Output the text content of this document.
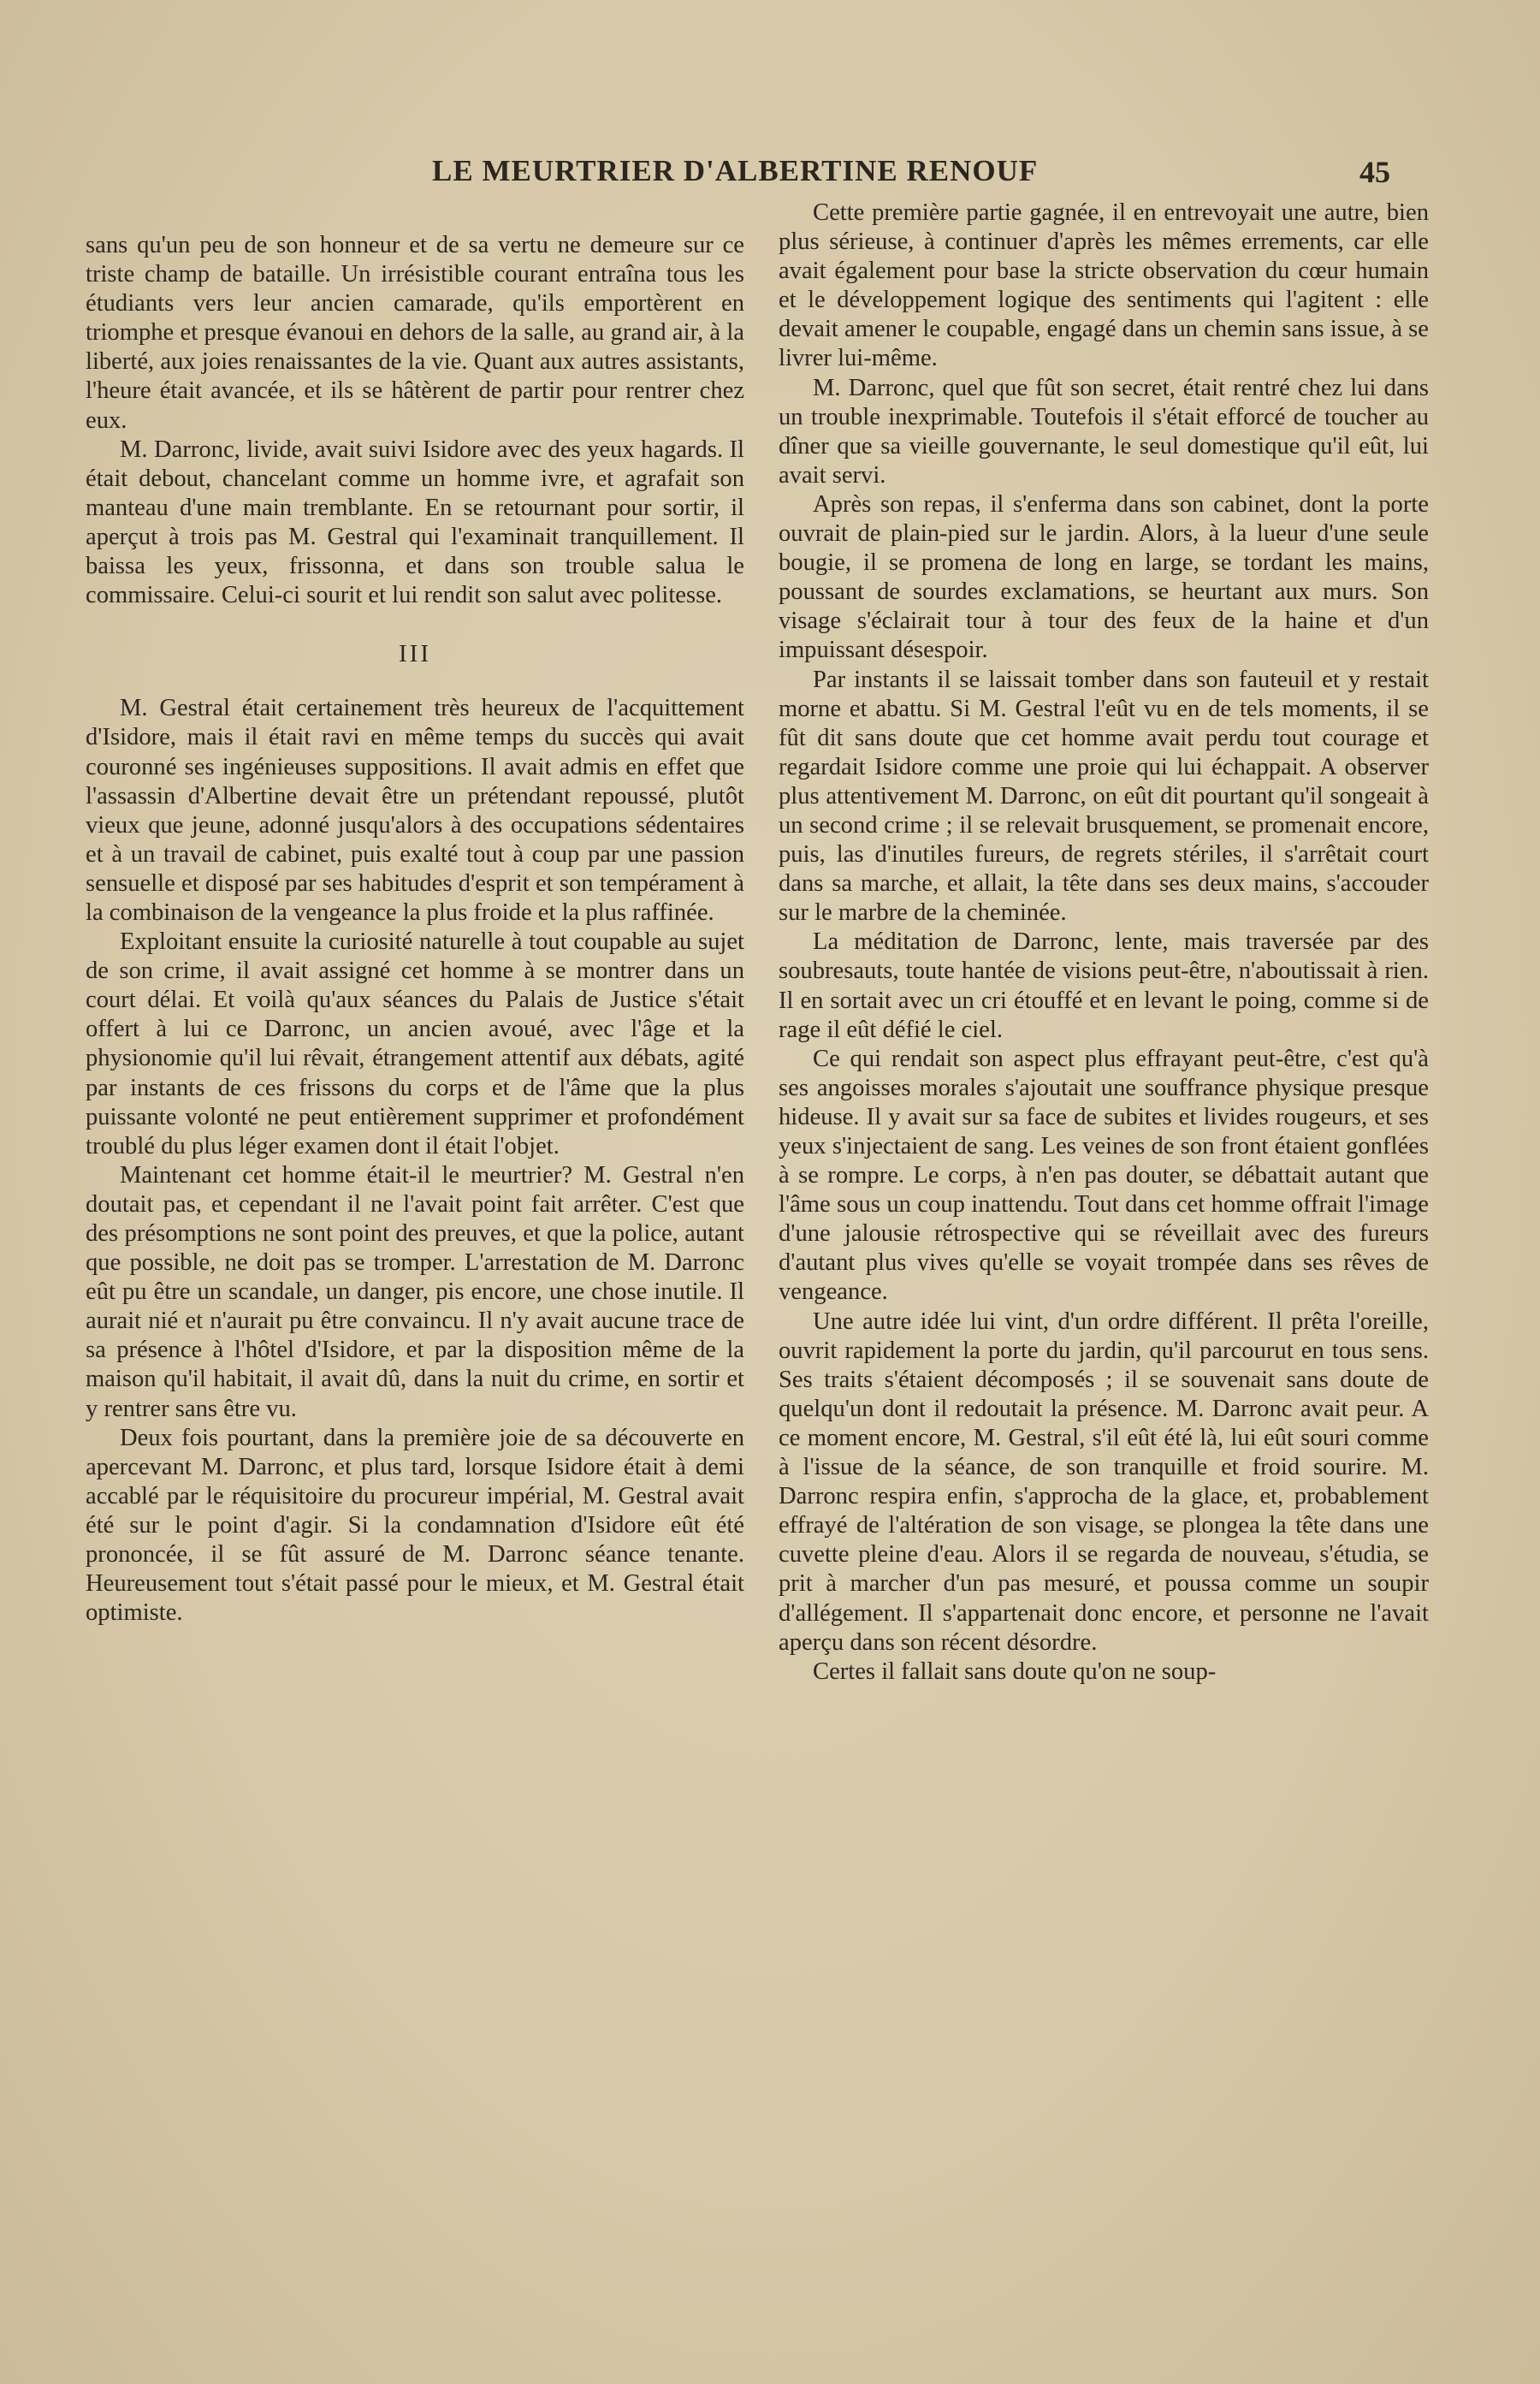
LE MEURTRIER D'ALBERTINE RENOUF	45

sans qu'un peu de son honneur et de sa vertu ne demeure sur ce triste champ de bataille. Un irrésistible courant entraîna tous les étudiants vers leur ancien camarade, qu'ils emportèrent en triomphe et presque évanoui en dehors de la salle, au grand air, à la liberté, aux joies renaissantes de la vie. Quant aux autres assistants, l'heure était avancée, et ils se hâtèrent de partir pour rentrer chez eux.

M. Darronc, livide, avait suivi Isidore avec des yeux hagards. Il était debout, chancelant comme un homme ivre, et agrafait son manteau d'une main tremblante. En se retournant pour sortir, il aperçut à trois pas M. Gestral qui l'examinait tranquillement. Il baissa les yeux, frissonna, et dans son trouble salua le commissaire. Celui-ci sourit et lui rendit son salut avec politesse.

III

M. Gestral était certainement très heureux de l'acquittement d'Isidore, mais il était ravi en même temps du succès qui avait couronné ses ingénieuses suppositions. Il avait admis en effet que l'assassin d'Albertine devait être un prétendant repoussé, plutôt vieux que jeune, adonné jusqu'alors à des occupations sédentaires et à un travail de cabinet, puis exalté tout à coup par une passion sensuelle et disposé par ses habitudes d'esprit et son tempérament à la combinaison de la vengeance la plus froide et la plus raffinée.

Exploitant ensuite la curiosité naturelle à tout coupable au sujet de son crime, il avait assigné cet homme à se montrer dans un court délai. Et voilà qu'aux séances du Palais de Justice s'était offert à lui ce Darronc, un ancien avoué, avec l'âge et la physionomie qu'il lui rêvait, étrangement attentif aux débats, agité par instants de ces frissons du corps et de l'âme que la plus puissante volonté ne peut entièrement supprimer et profondément troublé du plus léger examen dont il était l'objet.

Maintenant cet homme était-il le meurtrier? M. Gestral n'en doutait pas, et cependant il ne l'avait point fait arrêter. C'est que des présomptions ne sont point des preuves, et que la police, autant que possible, ne doit pas se tromper. L'arrestation de M. Darronc eût pu être un scandale, un danger, pis encore, une chose inutile. Il aurait nié et n'aurait pu être convaincu. Il n'y avait aucune trace de sa présence à l'hôtel d'Isidore, et par la disposition même de la maison qu'il habitait, il avait dû, dans la nuit du crime, en sortir et y rentrer sans être vu.

Deux fois pourtant, dans la première joie de sa découverte en apercevant M. Darronc, et plus tard, lorsque Isidore était à demi accablé par le réquisitoire du procureur impérial, M. Gestral avait été sur le point d'agir. Si la condamnation d'Isidore eût été prononcée, il se fût assuré de M. Darronc séance tenante. Heureusement tout s'était passé pour le mieux, et M. Gestral était optimiste.

Cette première partie gagnée, il en entrevoyait une autre, bien plus sérieuse, à continuer d'après les mêmes errements, car elle avait également pour base la stricte observation du cœur humain et le développement logique des sentiments qui l'agitent : elle devait amener le coupable, engagé dans un chemin sans issue, à se livrer lui-même.

M. Darronc, quel que fût son secret, était rentré chez lui dans un trouble inexprimable. Toutefois il s'était efforcé de toucher au dîner que sa vieille gouvernante, le seul domestique qu'il eût, lui avait servi.

Après son repas, il s'enferma dans son cabinet, dont la porte ouvrait de plain-pied sur le jardin. Alors, à la lueur d'une seule bougie, il se promena de long en large, se tordant les mains, poussant de sourdes exclamations, se heurtant aux murs. Son visage s'éclairait tour à tour des feux de la haine et d'un impuissant désespoir.

Par instants il se laissait tomber dans son fauteuil et y restait morne et abattu. Si M. Gestral l'eût vu en de tels moments, il se fût dit sans doute que cet homme avait perdu tout courage et regardait Isidore comme une proie qui lui échappait. A observer plus attentivement M. Darronc, on eût dit pourtant qu'il songeait à un second crime ; il se relevait brusquement, se promenait encore, puis, las d'inutiles fureurs, de regrets stériles, il s'arrêtait court dans sa marche, et allait, la tête dans ses deux mains, s'accouder sur le marbre de la cheminée.

La méditation de Darronc, lente, mais traversée par des soubresauts, toute hantée de visions peut-être, n'aboutissait à rien. Il en sortait avec un cri étouffé et en levant le poing, comme si de rage il eût défié le ciel.

Ce qui rendait son aspect plus effrayant peut-être, c'est qu'à ses angoisses morales s'ajoutait une souffrance physique presque hideuse. Il y avait sur sa face de subites et livides rougeurs, et ses yeux s'injectaient de sang. Les veines de son front étaient gonflées à se rompre. Le corps, à n'en pas douter, se débattait autant que l'âme sous un coup inattendu. Tout dans cet homme offrait l'image d'une jalousie rétrospective qui se réveillait avec des fureurs d'autant plus vives qu'elle se voyait trompée dans ses rêves de vengeance.

Une autre idée lui vint, d'un ordre différent. Il prêta l'oreille, ouvrit rapidement la porte du jardin, qu'il parcourut en tous sens. Ses traits s'étaient décomposés ; il se souvenait sans doute de quelqu'un dont il redoutait la présence. M. Darronc avait peur. A ce moment encore, M. Gestral, s'il eût été là, lui eût souri comme à l'issue de la séance, de son tranquille et froid sourire. M. Darronc respira enfin, s'approcha de la glace, et, probablement effrayé de l'altération de son visage, se plongea la tête dans une cuvette pleine d'eau. Alors il se regarda de nouveau, s'étudia, se prit à marcher d'un pas mesuré, et poussa comme un soupir d'allégement. Il s'appartenait donc encore, et personne ne l'avait aperçu dans son récent désordre.

Certes il fallait sans doute qu'on ne soup-
